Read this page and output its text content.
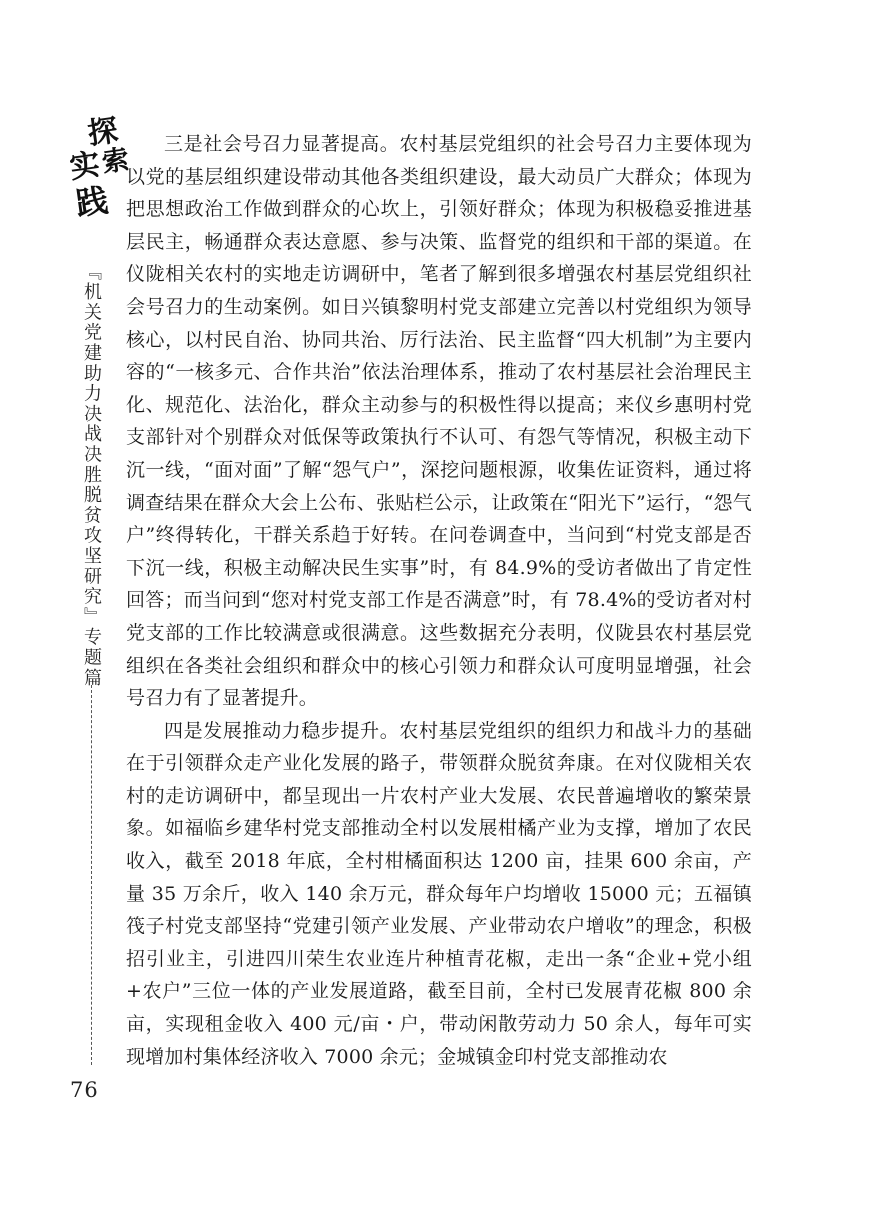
探
实
索
践
『机关党建助力决战决胜脱贫攻坚研究』专题篇
76

三是社会号召力显著提高。农村基层党组织的社会号召力主要体现为以党的基层组织建设带动其他各类组织建设，最大动员广大群众；体现为把思想政治工作做到群众的心坎上，引领好群众；体现为积极稳妥推进基层民主，畅通群众表达意愿、参与决策、监督党的组织和干部的渠道。在仪陇相关农村的实地走访调研中，笔者了解到很多增强农村基层党组织社会号召力的生动案例。如日兴镇黎明村党支部建立完善以村党组织为领导核心，以村民自治、协同共治、厉行法治、民主监督“四大机制”为主要内容的“一核多元、合作共治”依法治理体系，推动了农村基层社会治理民主化、规范化、法治化，群众主动参与的积极性得以提高；来仪乡惠明村党支部针对个别群众对低保等政策执行不认可、有怨气等情况，积极主动下沉一线，“面对面”了解“怨气户”，深挖问题根源，收集佐证资料，通过将调查结果在群众大会上公布、张贴栏公示，让政策在“阳光下”运行，“怨气户”终得转化，干群关系趋于好转。在问卷调查中，当问到“村党支部是否下沉一线，积极主动解决民生实事”时，有 84.9%的受访者做出了肯定性回答；而当问到“您对村党支部工作是否满意”时，有 78.4%的受访者对村党支部的工作比较满意或很满意。这些数据充分表明，仪陇县农村基层党组织在各类社会组织和群众中的核心引领力和群众认可度明显增强，社会号召力有了显著提升。

四是发展推动力稳步提升。农村基层党组织的组织力和战斗力的基础在于引领群众走产业化发展的路子，带领群众脱贫奔康。在对仪陇相关农村的走访调研中，都呈现出一片农村产业大发展、农民普遍增收的繁荣景象。如福临乡建华村党支部推动全村以发展柑橘产业为支撑，增加了农民收入，截至 2018 年底，全村柑橘面积达 1200 亩，挂果 600 余亩，产量 35 万余斤，收入 140 余万元，群众每年户均增收 15000 元；五福镇筏子村党支部坚持“党建引领产业发展、产业带动农户增收”的理念，积极招引业主，引进四川荣生农业连片种植青花椒，走出一条“企业+党小组+农户”三位一体的产业发展道路，截至目前，全村已发展青花椒 800 余亩，实现租金收入 400 元/亩・户，带动闲散劳动力 50 余人，每年可实现增加村集体经济收入 7000 余元；金城镇金印村党支部推动农
